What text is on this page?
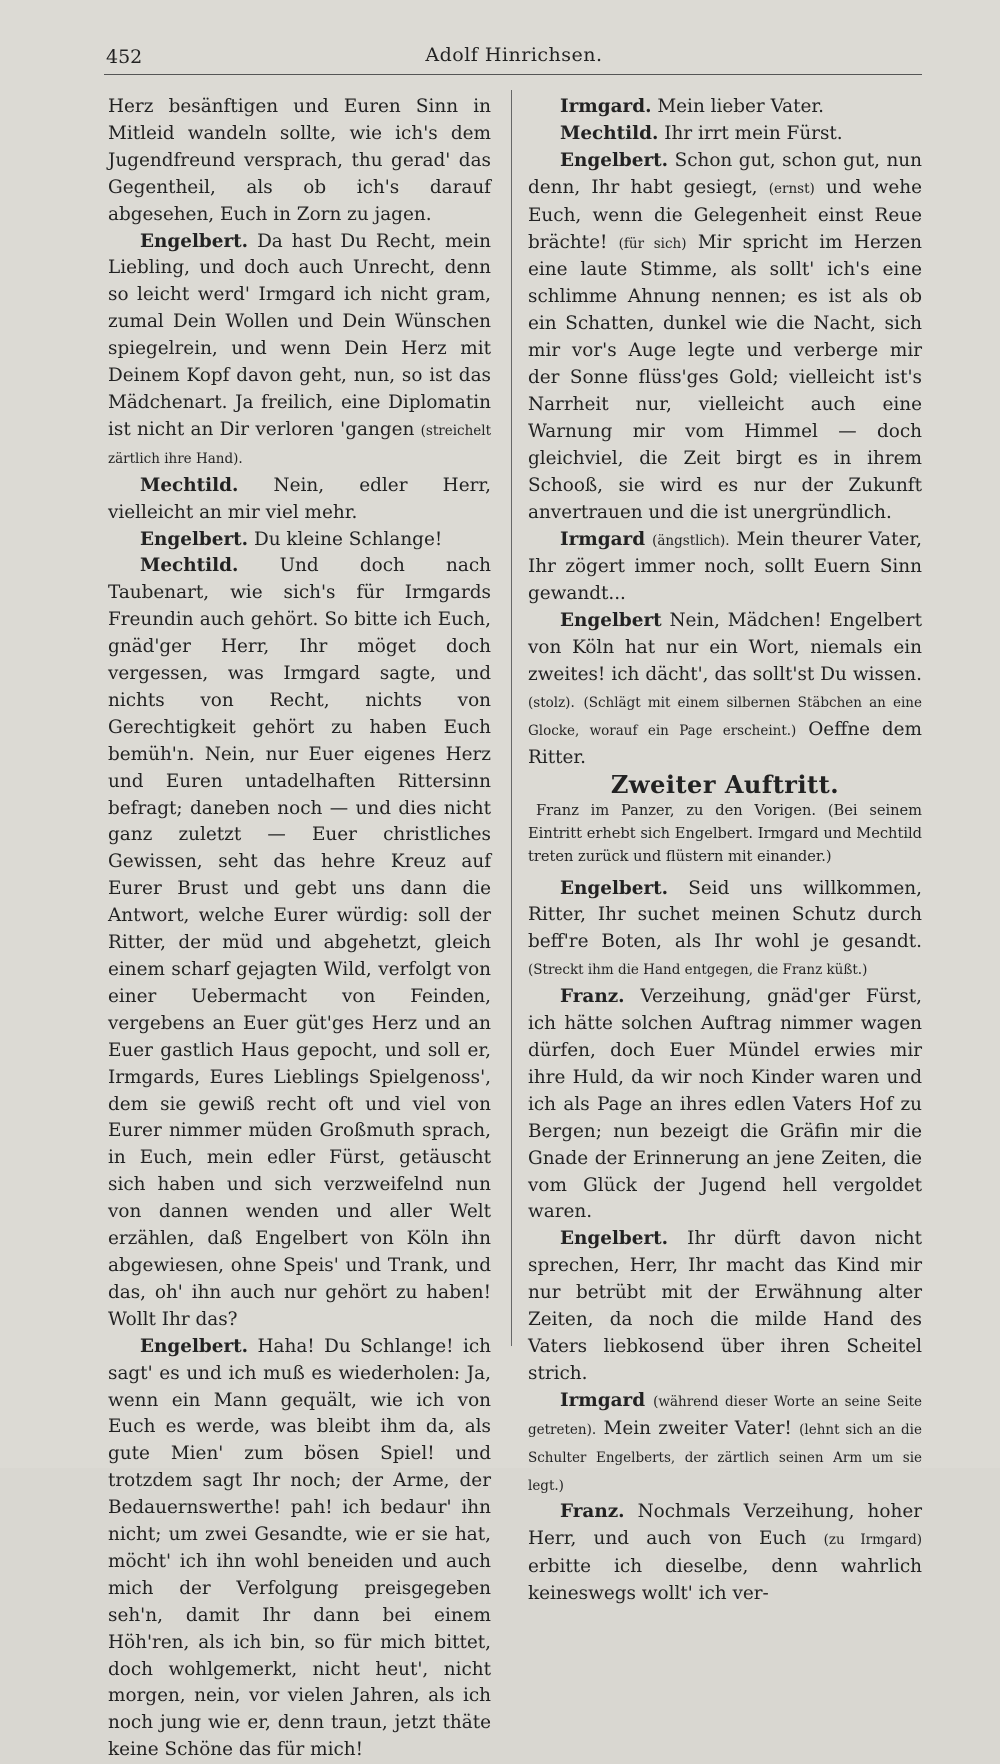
452	Adolf Hinrichsen.

Herz besänftigen und Euren Sinn in Mitleid wandeln sollte, wie ich's dem Jugendfreund versprach, thu gerad' das Gegentheil, als ob ich's darauf abgesehen, Euch in Zorn zu jagen.

Engelbert. Da hast Du Recht, mein Liebling, und doch auch Unrecht, denn so leicht werd' Irmgard ich nicht gram, zumal Dein Wollen und Dein Wünschen spiegelrein, und wenn Dein Herz mit Deinem Kopf davon geht, nun, so ist das Mädchenart. Ja freilich, eine Diplomatin ist nicht an Dir verloren 'gangen (streichelt zärtlich ihre Hand).

Mechtild. Nein, edler Herr, vielleicht an mir viel mehr.

Engelbert. Du kleine Schlange!

Mechtild. Und doch nach Taubenart, wie sich's für Irmgards Freundin auch gehört. So bitte ich Euch, gnäd'ger Herr, Ihr möget doch vergessen, was Irmgard sagte, und nichts von Recht, nichts von Gerechtigkeit gehört zu haben Euch bemüh'n. Nein, nur Euer eigenes Herz und Euren untadelhaften Rittersinn befragt; daneben noch — und dies nicht ganz zuletzt — Euer christliches Gewissen, seht das hehre Kreuz auf Eurer Brust und gebt uns dann die Antwort, welche Eurer würdig: soll der Ritter, der müd und abgehetzt, gleich einem scharf gejagten Wild, verfolgt von einer Uebermacht von Feinden, vergebens an Euer güt'ges Herz und an Euer gastlich Haus gepocht, und soll er, Irmgards, Eures Lieblings Spielgenoss', dem sie gewiß recht oft und viel von Eurer nimmer müden Großmuth sprach, in Euch, mein edler Fürst, getäuscht sich haben und sich verzweifelnd nun von dannen wenden und aller Welt erzählen, daß Engelbert von Köln ihn abgewiesen, ohne Speis' und Trank, und das, oh' ihn auch nur gehört zu haben! Wollt Ihr das?

Engelbert. Haha! Du Schlange! ich sagt' es und ich muß es wiederholen: Ja, wenn ein Mann gequält, wie ich von Euch es werde, was bleibt ihm da, als gute Mien' zum bösen Spiel! und trotzdem sagt Ihr noch; der Arme, der Bedauernswerthe! pah! ich bedaur' ihn nicht; um zwei Gesandte, wie er sie hat, möcht' ich ihn wohl beneiden und auch mich der Verfolgung preisgegeben seh'n, damit Ihr dann bei einem Höh'ren, als ich bin, so für mich bittet, doch wohlgemerkt, nicht heut', nicht morgen, nein, vor vielen Jahren, als ich noch jung wie er, denn traun, jetzt thäte keine Schöne das für mich!

Irmgard. Mein lieber Vater.

Mechtild. Ihr irrt mein Fürst.

Engelbert. Schon gut, schon gut, nun denn, Ihr habt gesiegt, (ernst) und wehe Euch, wenn die Gelegenheit einst Reue brächte! (für sich) Mir spricht im Herzen eine laute Stimme, als sollt' ich's eine schlimme Ahnung nennen; es ist als ob ein Schatten, dunkel wie die Nacht, sich mir vor's Auge legte und verberge mir der Sonne flüss'ges Gold; vielleicht ist's Narrheit nur, vielleicht auch eine Warnung mir vom Himmel — doch gleichviel, die Zeit birgt es in ihrem Schooß, sie wird es nur der Zukunft anvertrauen und die ist unergründlich.

Irmgard (ängstlich). Mein theurer Vater, Ihr zögert immer noch, sollt Euern Sinn gewandt...

Engelbert Nein, Mädchen! Engelbert von Köln hat nur ein Wort, niemals ein zweites! ich dächt', das sollt'st Du wissen. (stolz). (Schlägt mit einem silbernen Stäbchen an eine Glocke, worauf ein Page erscheint.) Oeffne dem Ritter.

Zweiter Auftritt.

Franz im Panzer, zu den Vorigen. (Bei seinem Eintritt erhebt sich Engelbert. Irmgard und Mechtild treten zurück und flüstern mit einander.)

Engelbert. Seid uns willkommen, Ritter, Ihr suchet meinen Schutz durch beff're Boten, als Ihr wohl je gesandt. (Streckt ihm die Hand entgegen, die Franz küßt.)

Franz. Verzeihung, gnäd'ger Fürst, ich hätte solchen Auftrag nimmer wagen dürfen, doch Euer Mündel erwies mir ihre Huld, da wir noch Kinder waren und ich als Page an ihres edlen Vaters Hof zu Bergen; nun bezeigt die Gräfin mir die Gnade der Erinnerung an jene Zeiten, die vom Glück der Jugend hell vergoldet waren.

Engelbert. Ihr dürft davon nicht sprechen, Herr, Ihr macht das Kind mir nur betrübt mit der Erwähnung alter Zeiten, da noch die milde Hand des Vaters liebkosend über ihren Scheitel strich.

Irmgard (während dieser Worte an seine Seite getreten). Mein zweiter Vater! (lehnt sich an die Schulter Engelberts, der zärtlich seinen Arm um sie legt.)

Franz. Nochmals Verzeihung, hoher Herr, und auch von Euch (zu Irmgard) erbitte ich dieselbe, denn wahrlich keineswegs wollt' ich ver-
